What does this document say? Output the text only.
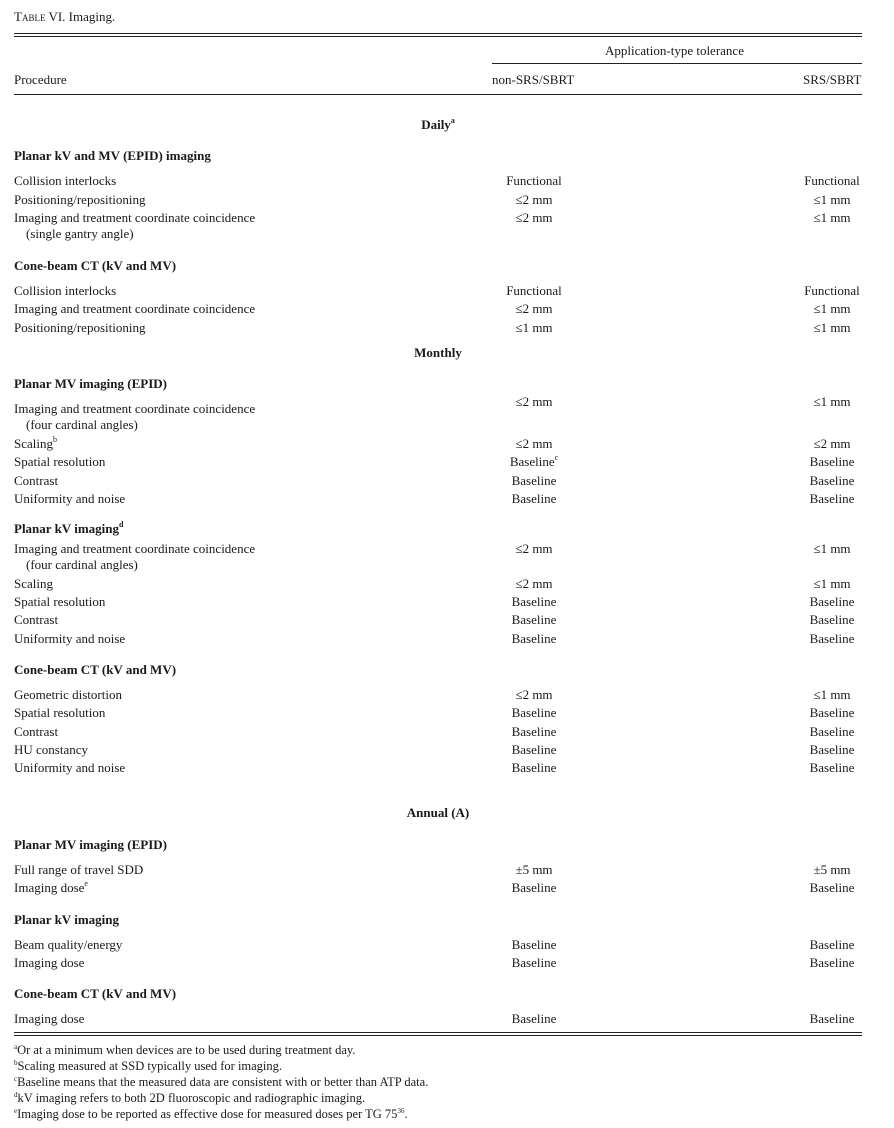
Table VI. Imaging.
Application-type tolerance
Procedure	non-SRS/SBRT	SRS/SBRT
Daily$^a$
Planar kV and MV (EPID) imaging
Collision interlocks	Functional	Functional
Positioning/repositioning	≤2 mm	≤1 mm
Imaging and treatment coordinate coincidence
(single gantry angle)
≤2 mm	≤1 mm
Cone-beam CT (kV and MV)
Collision interlocks	Functional	Functional
Imaging and treatment coordinate coincidence	≤2 mm	≤1 mm
Positioning/repositioning	≤1 mm	≤1 mm
Monthly
Planar MV imaging (EPID)
Imaging and treatment coordinate coincidence
(four cardinal angles)
≤2 mm	≤1 mm
Scaling$^b$	≤2 mm	≤2 mm
Spatial resolution	Baseline$^c$	Baseline
Contrast	Baseline	Baseline
Uniformity and noise	Baseline	Baseline
Planar kV imaging$^d$
Imaging and treatment coordinate coincidence
(four cardinal angles)
≤2 mm	≤1 mm
Scaling	≤2 mm	≤1 mm
Spatial resolution	Baseline	Baseline
Contrast	Baseline	Baseline
Uniformity and noise	Baseline	Baseline
Cone-beam CT (kV and MV)
Geometric distortion	≤2 mm	≤1 mm
Spatial resolution	Baseline	Baseline
Contrast	Baseline	Baseline
HU constancy	Baseline	Baseline
Uniformity and noise	Baseline	Baseline
Annual (A)
Planar MV imaging (EPID)
Full range of travel SDD	±5 mm	±5 mm
Imaging dose$^e$	Baseline	Baseline
Planar kV imaging
Beam quality/energy	Baseline	Baseline
Imaging dose	Baseline	Baseline
Cone-beam CT (kV and MV)
Imaging dose	Baseline	Baseline
$^a$Or at a minimum when devices are to be used during treatment day.
$^b$Scaling measured at SSD typically used for imaging.
$^c$Baseline means that the measured data are consistent with or better than ATP data.
$^d$kV imaging refers to both 2D fluoroscopic and radiographic imaging.
$^e$Imaging dose to be reported as effective dose for measured doses per TG $75^{36}$.
